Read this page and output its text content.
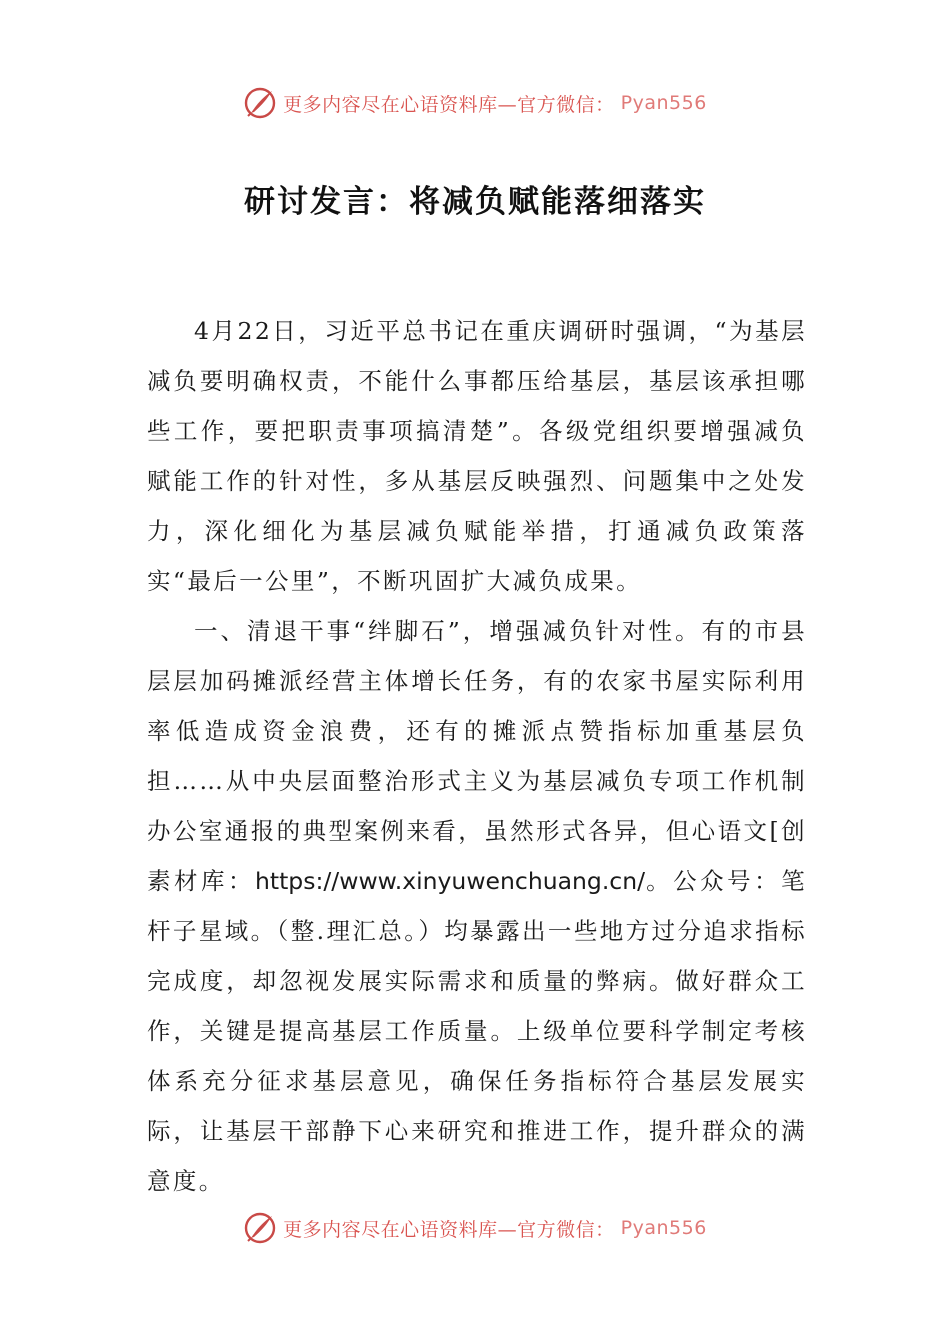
更多内容尽在心语资料库—官方微信： Pyan556
研讨发言：将减负赋能落细落实

4月22日，习近平总书记在重庆调研时强调，“为基层减负要明确权责，不能什么事都压给基层，基层该承担哪些工作，要把职责事项搞清楚”。各级党组织要增强减负赋能工作的针对性，多从基层反映强烈、问题集中之处发力，深化细化为基层减负赋能举措，打通减负政策落实“最后一公里”，不断巩固扩大减负成果。

一、清退干事“绊脚石”，增强减负针对性。有的市县层层加码摊派经营主体增长任务，有的农家书屋实际利用率低造成资金浪费，还有的摊派点赞指标加重基层负担……从中央层面整治形式主义为基层减负专项工作机制办公室通报的典型案例来看，虽然形式各异，但心语文[创素材库：https://www.xinyuwenchuang.cn/。公众号：笔杆子星域。（整.理汇总。）均暴露出一些地方过分追求指标完成度，却忽视发展实际需求和质量的弊病。做好群众工作，关键是提高基层工作质量。上级单位要科学制定考核体系充分征求基层意见，确保任务指标符合基层发展实际，让基层干部静下心来研究和推进工作，提升群众的满意度。

更多内容尽在心语资料库—官方微信： Pyan556
